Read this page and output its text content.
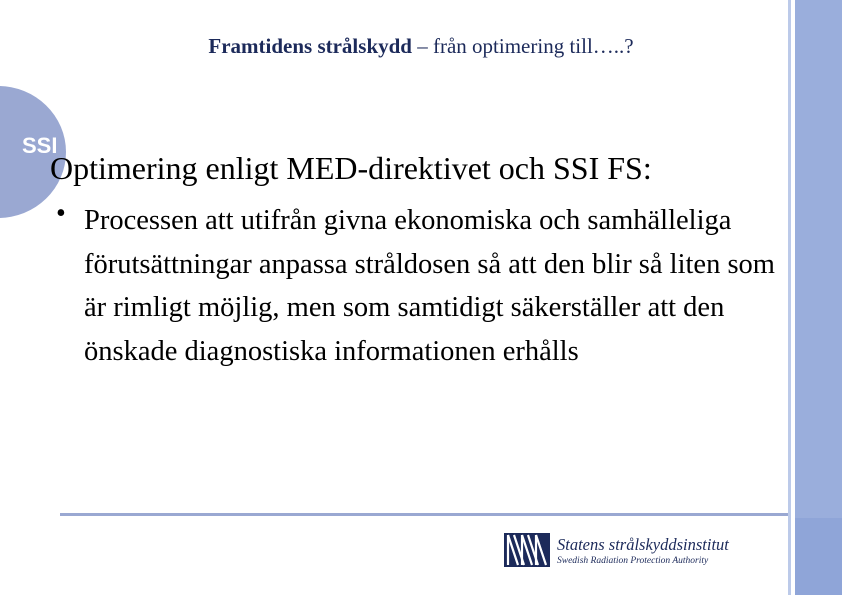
Framtidens strålskydd – från optimering till…..?
SSI
Optimering enligt MED-direktivet och SSI FS:
• Processen att utifrån givna ekonomiska och samhälleliga förutsättningar anpassa stråldosen så att den blir så liten som är rimligt möjlig, men som samtidigt säkerställer att den önskade diagnostiska informationen erhålls
Statens strålskyddsinstitut
Swedish Radiation Protection Authority
